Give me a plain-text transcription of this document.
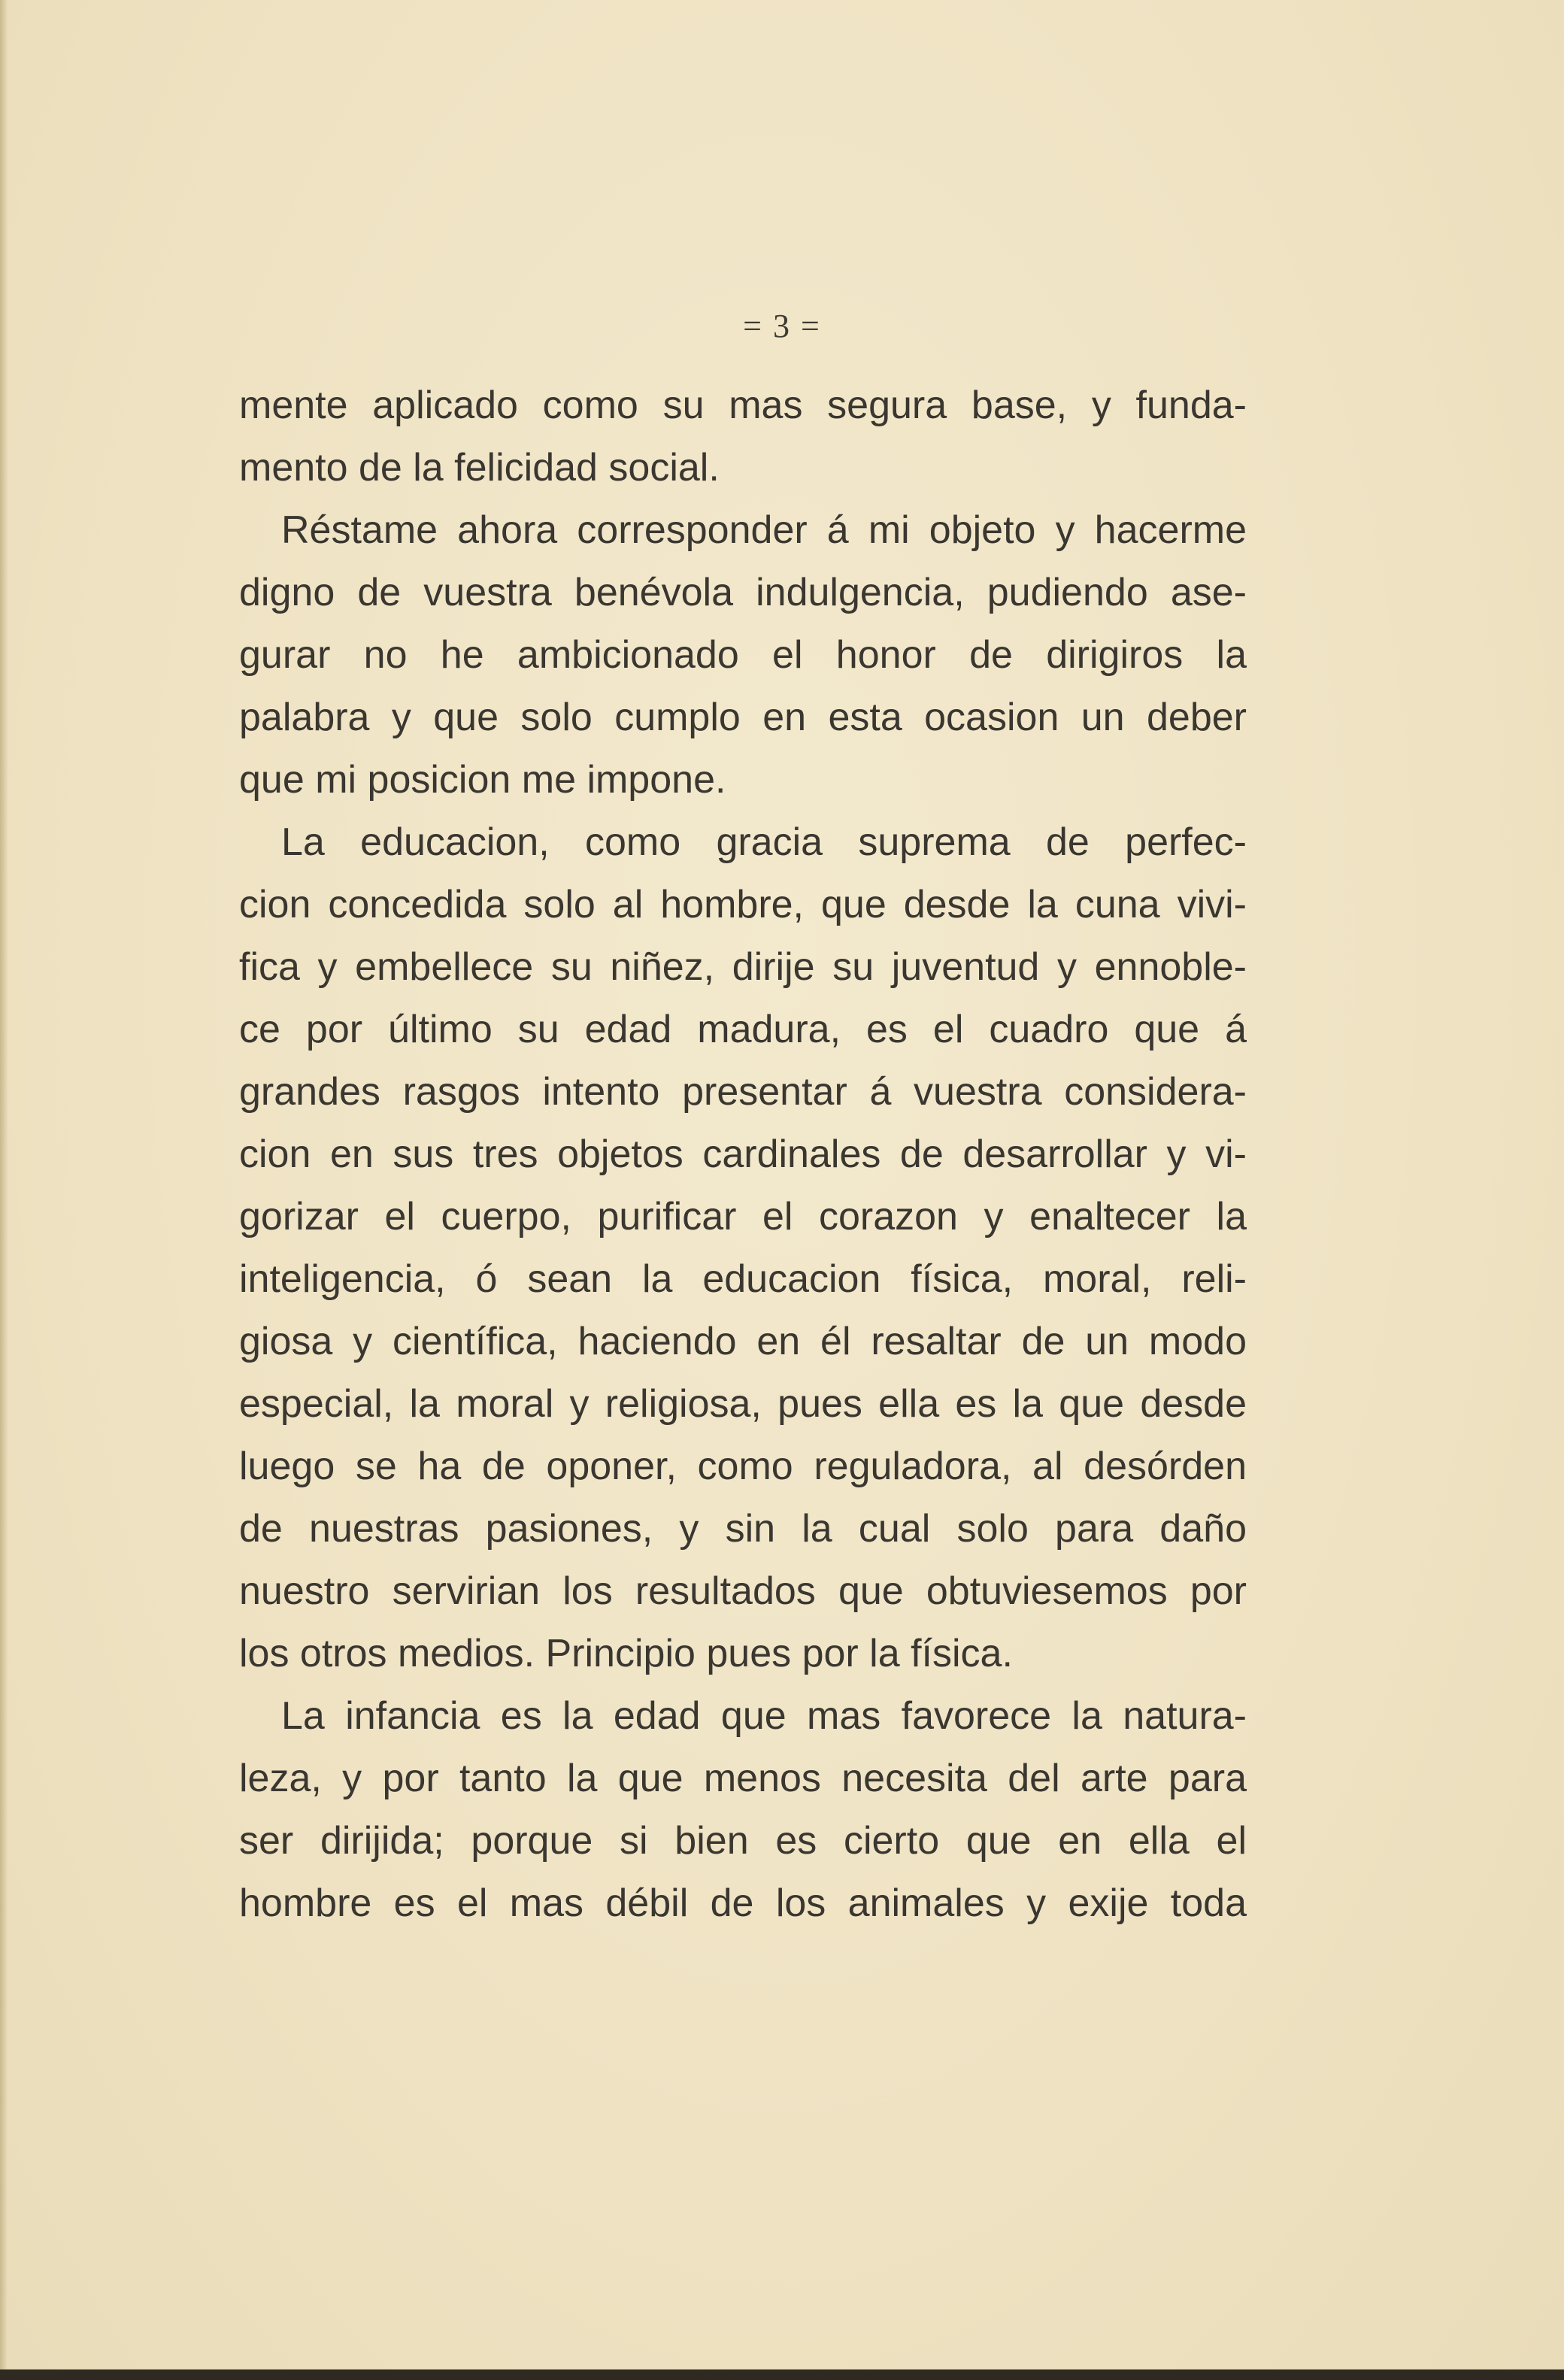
= 3 =
mente aplicado como su mas segura base, y funda-
mento de la felicidad social.
Réstame ahora corresponder á mi objeto y hacerme
digno de vuestra benévola indulgencia, pudiendo ase-
gurar no he ambicionado el honor de dirigiros la
palabra y que solo cumplo en esta ocasion un deber
que mi posicion me impone.
La educacion, como gracia suprema de perfec-
cion concedida solo al hombre, que desde la cuna vivi-
fica y embellece su niñez, dirije su juventud y ennoble-
ce por último su edad madura, es el cuadro que á
grandes rasgos intento presentar á vuestra considera-
cion en sus tres objetos cardinales de desarrollar y vi-
gorizar el cuerpo, purificar el corazon y enaltecer la
inteligencia, ó sean la educacion física, moral, reli-
giosa y científica, haciendo en él resaltar de un modo
especial, la moral y religiosa, pues ella es la que desde
luego se ha de oponer, como reguladora, al desórden
de nuestras pasiones, y sin la cual solo para daño
nuestro servirian los resultados que obtuviesemos por
los otros medios. Principio pues por la física.
La infancia es la edad que mas favorece la natura-
leza, y por tanto la que menos necesita del arte para
ser dirijida; porque si bien es cierto que en ella el
hombre es el mas débil de los animales y exije toda
